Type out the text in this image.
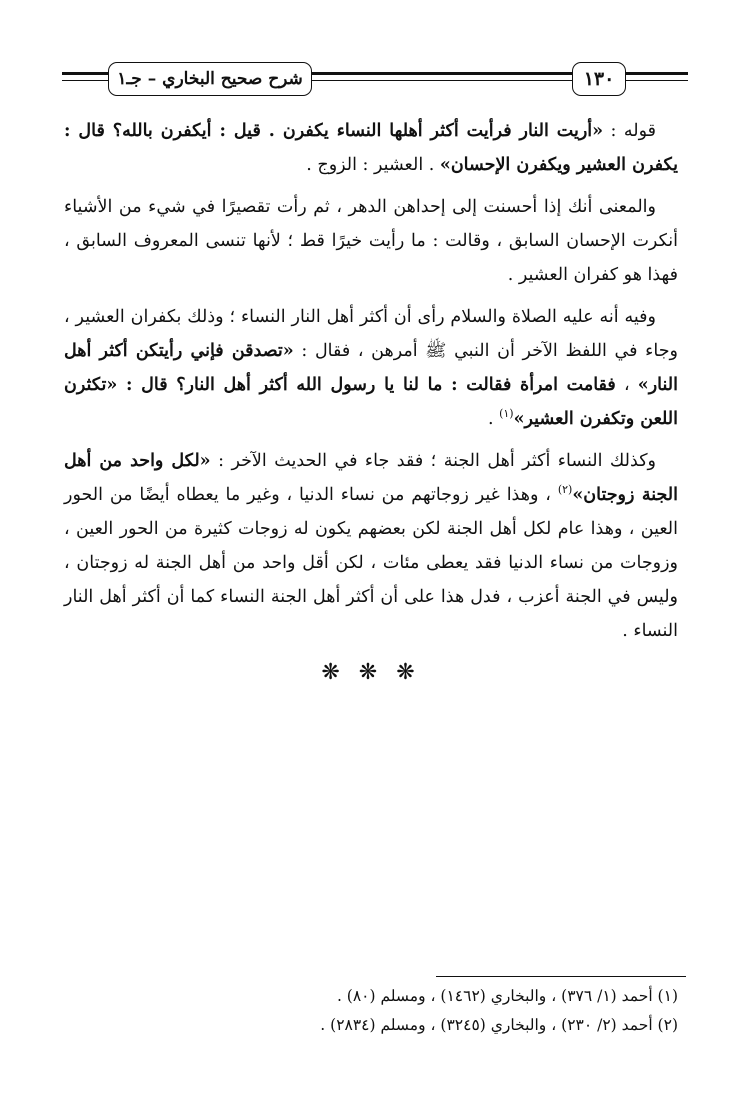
١٣٠
شرح صحيح البخاري – جـ١

قوله : «أريت النار فرأيت أكثر أهلها النساء يكفرن . قيل : أيكفرن بالله؟ قال : يكفرن العشير ويكفرن الإحسان» . العشير : الزوج .

والمعنى أنك إذا أحسنت إلى إحداهن الدهر ، ثم رأت تقصيرًا في شيء من الأشياء أنكرت الإحسان السابق ، وقالت : ما رأيت خيرًا قط ؛ لأنها تنسى المعروف السابق ، فهذا هو كفران العشير .

وفيه أنه عليه الصلاة والسلام رأى أن أكثر أهل النار النساء ؛ وذلك بكفران العشير ، وجاء في اللفظ الآخر أن النبي ﷺ أمرهن ، فقال : «تصدقن فإني رأيتكن أكثر أهل النار» ، فقامت امرأة فقالت : ما لنا يا رسول الله أكثر أهل النار؟ قال : «تكثرن اللعن وتكفرن العشير»$^{(١)}$ .

وكذلك النساء أكثر أهل الجنة ؛ فقد جاء في الحديث الآخر : «لكل واحد من أهل الجنة زوجتان»$^{(٢)}$ ، وهذا غير زوجاتهم من نساء الدنيا ، وغير ما يعطاه أيضًا من الحور العين ، وهذا عام لكل أهل الجنة لكن بعضهم يكون له زوجات كثيرة من الحور العين ، وزوجات من نساء الدنيا فقد يعطى مئات ، لكن أقل واحد من أهل الجنة له زوجتان ، وليس في الجنة أعزب ، فدل هذا على أن أكثر أهل الجنة النساء كما أن أكثر أهل النار النساء .

❋ ❋ ❋

(١) أحمد (١/ ٣٧٦) ، والبخاري (١٤٦٢) ، ومسلم (٨٠) .

(٢) أحمد (٢/ ٢٣٠) ، والبخاري (٣٢٤٥) ، ومسلم (٢٨٣٤) .
